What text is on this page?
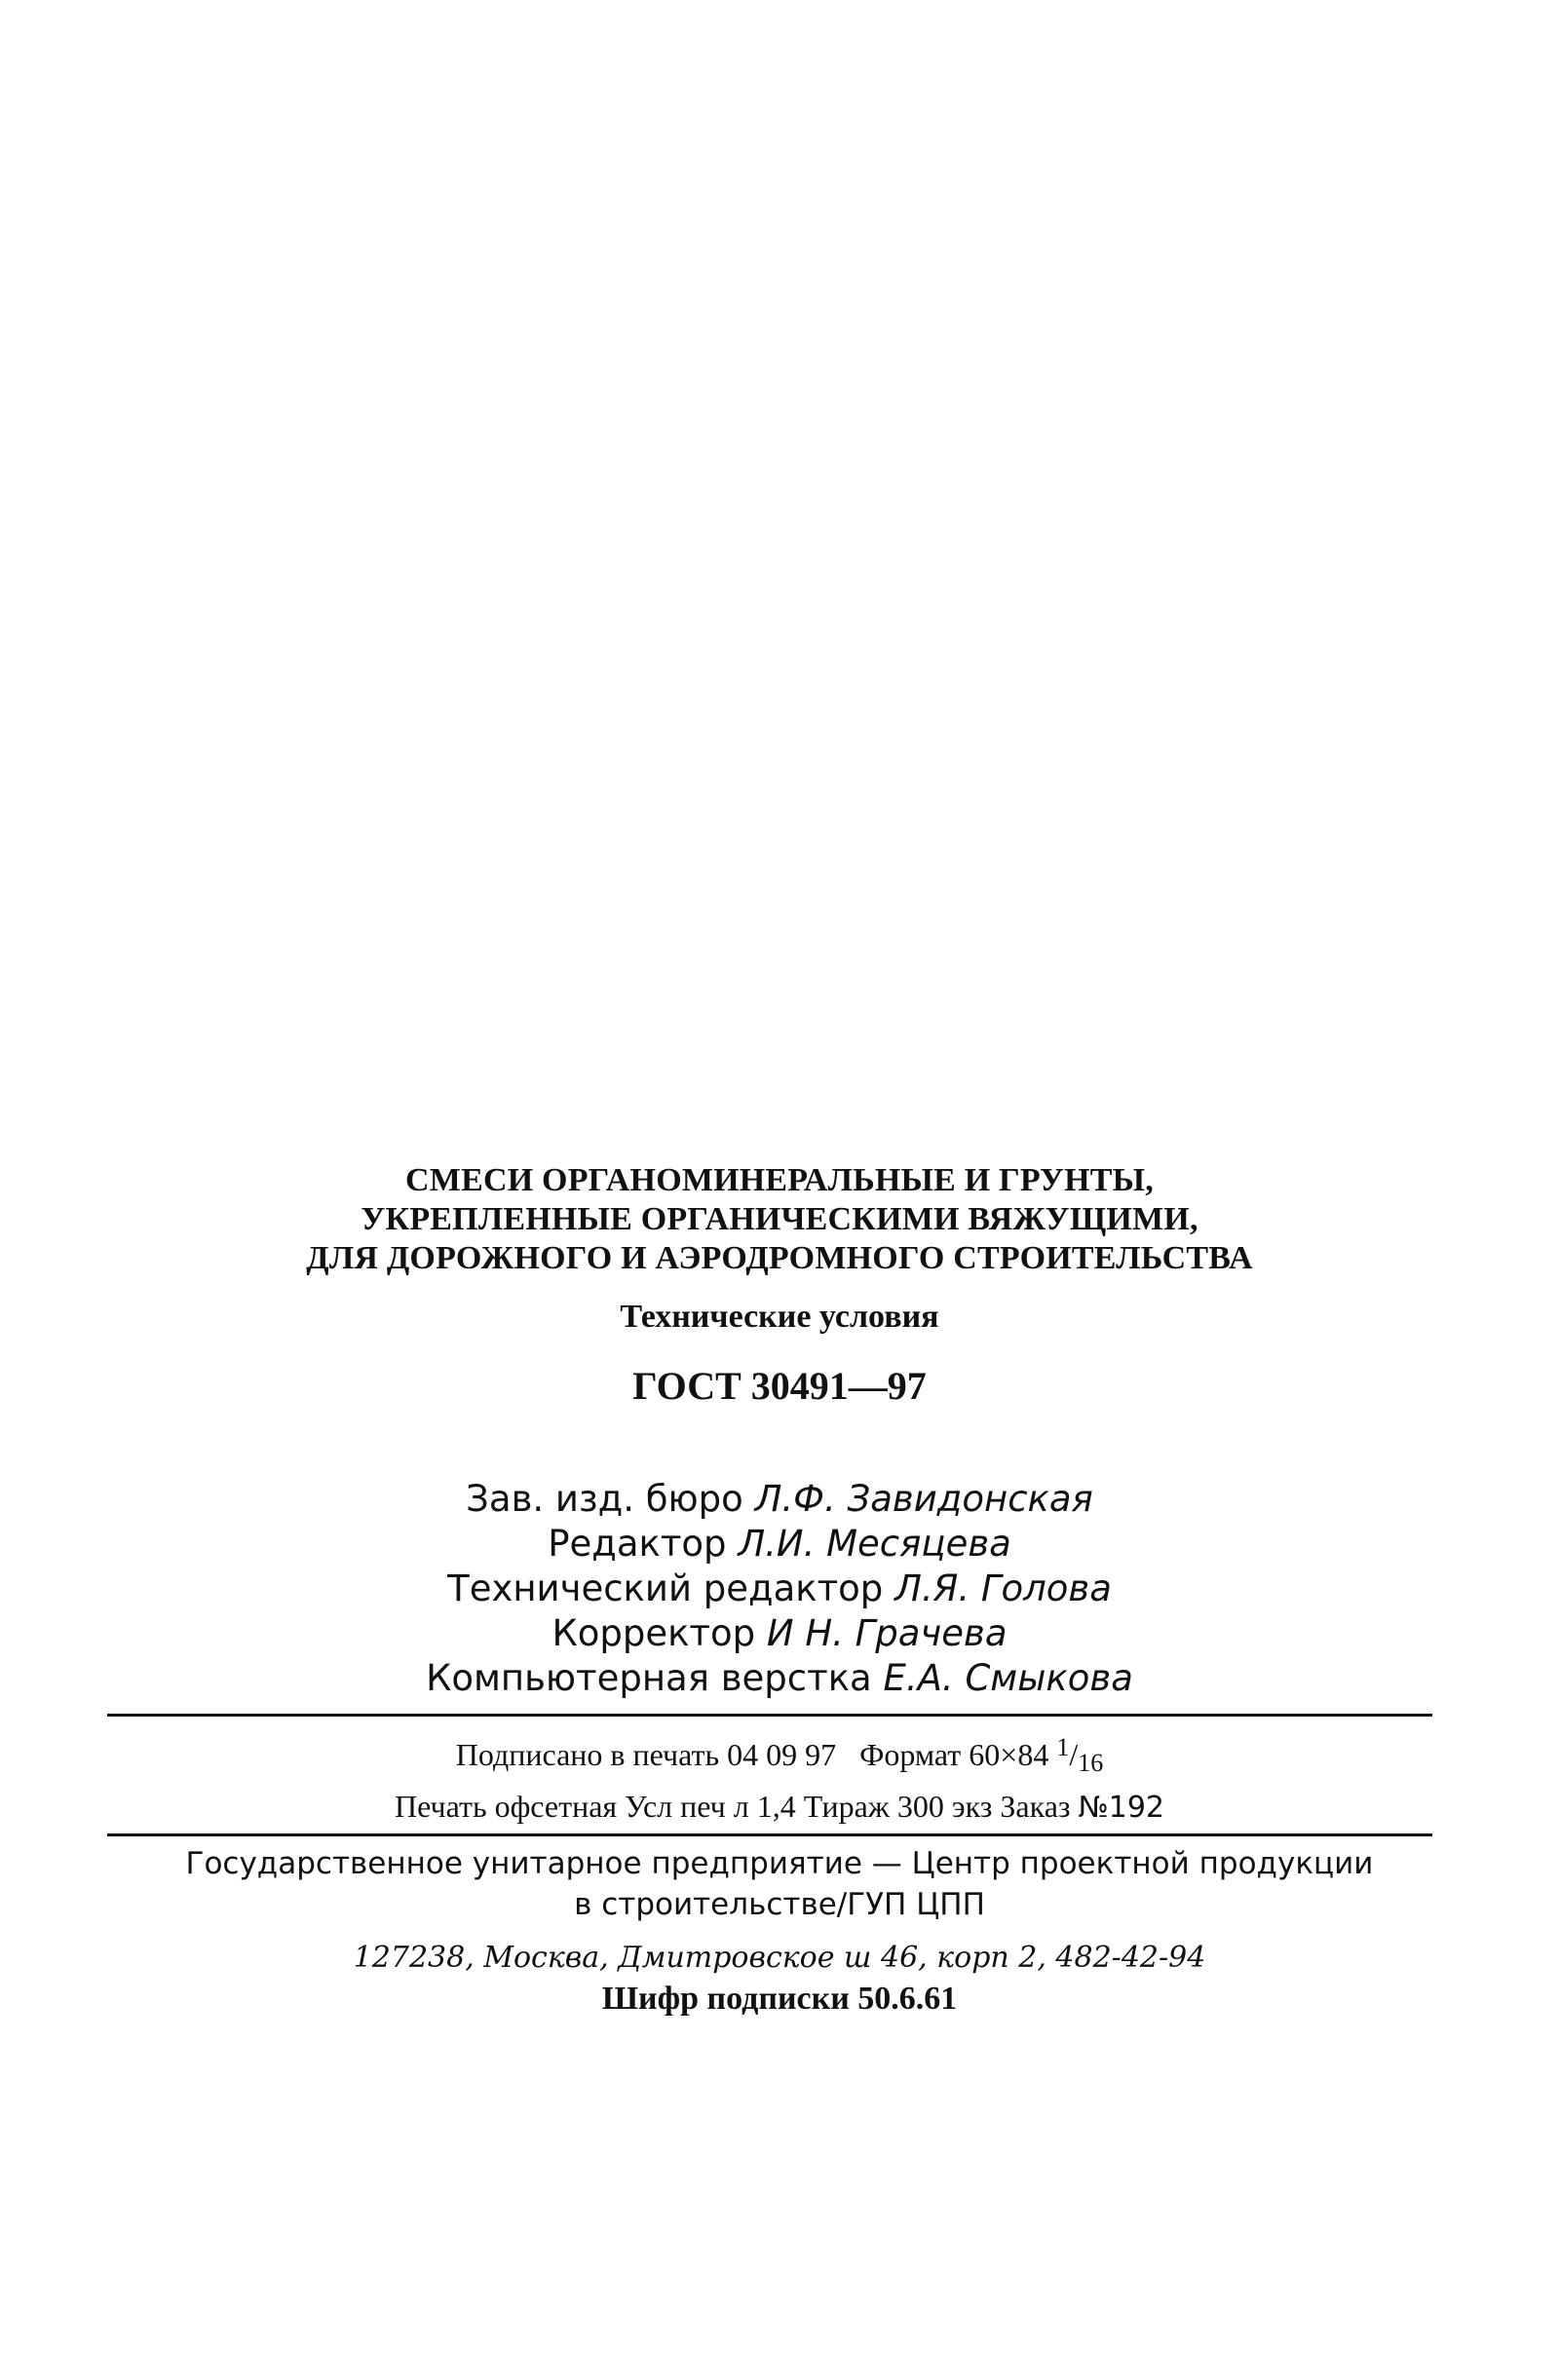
СМЕСИ ОРГАНОМИНЕРАЛЬНЫЕ И ГРУНТЫ,

УКРЕПЛЕННЫЕ ОРГАНИЧЕСКИМИ ВЯЖУЩИМИ,

ДЛЯ ДОРОЖНОГО И АЭРОДРОМНОГО СТРОИТЕЛЬСТВА

Технические условия
ГОСТ 30491—97
Зав. изд. бюро Л.Ф. Завидонская
Редактор Л.И. Месяцева
Технический редактор Л.Я. Голова
Корректор И Н. Грачева
Компьютерная верстка Е.А. Смыкова
Подписано в печать 04 09 97 Формат 60×84 $^1/_{16}$
Печать офсетная Усл печ л 1,4 Тираж 300 экз Заказ №192
Государственное унитарное предприятие — Центр проектной продукции
в строительстве/ГУП ЦПП
127238, Москва, Дмитровское ш 46, корп 2, 482-42-94
Шифр подписки 50.6.61
